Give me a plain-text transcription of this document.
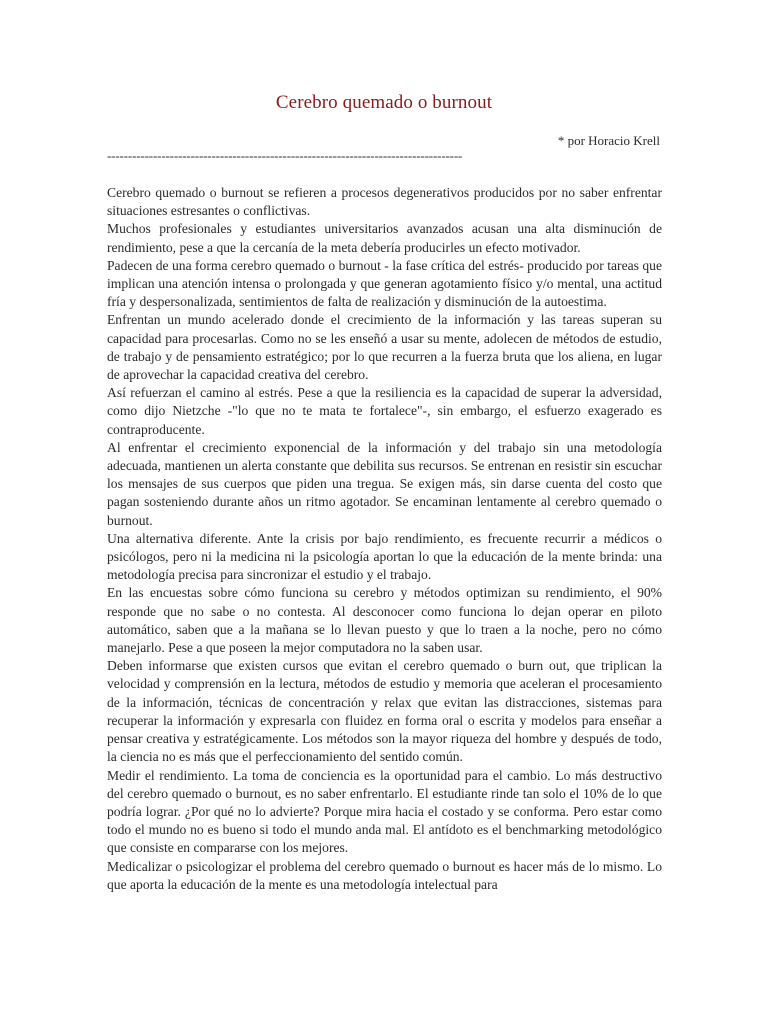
Cerebro quemado o burnout
* por Horacio Krell
-------------------------------------------------------------------------------------

Cerebro quemado o burnout se refieren a procesos degenerativos producidos por no saber enfrentar situaciones estresantes o conflictivas.

Muchos profesionales y estudiantes universitarios avanzados acusan una alta disminución de rendimiento, pese a que la cercanía de la meta debería producirles un efecto motivador.

Padecen de una forma cerebro quemado o burnout - la fase crítica del estrés- producido por tareas que implican una atención intensa o prolongada y que generan agotamiento físico y/o mental, una actitud fría y despersonalizada, sentimientos de falta de realización y disminución de la autoestima.

Enfrentan un mundo acelerado donde el crecimiento de la información y las tareas superan su capacidad para procesarlas. Como no se les enseñó a usar su mente, adolecen de métodos de estudio, de trabajo y de pensamiento estratégico; por lo que recurren a la fuerza bruta que los aliena, en lugar de aprovechar la capacidad creativa del cerebro.

Así refuerzan el camino al estrés. Pese a que la resiliencia es la capacidad de superar la adversidad, como dijo Nietzche -"lo que no te mata te fortalece"-, sin embargo, el esfuerzo exagerado es contraproducente.

Al enfrentar el crecimiento exponencial de la información y del trabajo sin una metodología adecuada, mantienen un alerta constante que debilita sus recursos. Se entrenan en resistir sin escuchar los mensajes de sus cuerpos que piden una tregua. Se exigen más, sin darse cuenta del costo que pagan sosteniendo durante años un ritmo agotador. Se encaminan lentamente al cerebro quemado o burnout.

Una alternativa diferente. Ante la crisis por bajo rendimiento, es frecuente recurrir a médicos o psicólogos, pero ni la medicina ni la psicología aportan lo que la educación de la mente brinda: una metodología precisa para sincronizar el estudio y el trabajo.

En las encuestas sobre cómo funciona su cerebro y métodos optimizan su rendimiento, el 90% responde que no sabe o no contesta. Al desconocer como funciona lo dejan operar en piloto automático, saben que a la mañana se lo llevan puesto y que lo traen a la noche, pero no cómo manejarlo. Pese a que poseen la mejor computadora no la saben usar.

Deben informarse que existen cursos que evitan el cerebro quemado o burn out, que triplican la velocidad y comprensión en la lectura, métodos de estudio y memoria que aceleran el procesamiento de la información, técnicas de concentración y relax que evitan las distracciones, sistemas para recuperar la información y expresarla con fluidez en forma oral o escrita y modelos para enseñar a pensar creativa y estratégicamente. Los métodos son la mayor riqueza del hombre y después de todo, la ciencia no es más que el perfeccionamiento del sentido común.

Medir el rendimiento. La toma de conciencia es la oportunidad para el cambio. Lo más destructivo del cerebro quemado o burnout, es no saber enfrentarlo. El estudiante rinde tan solo el 10% de lo que podría lograr. ¿Por qué no lo advierte? Porque mira hacia el costado y se conforma. Pero estar como todo el mundo no es bueno si todo el mundo anda mal. El antídoto es el benchmarking metodológico que consiste en compararse con los mejores.

Medicalizar o psicologizar el problema del cerebro quemado o burnout es hacer más de lo mismo. Lo que aporta la educación de la mente es una metodología intelectual para
